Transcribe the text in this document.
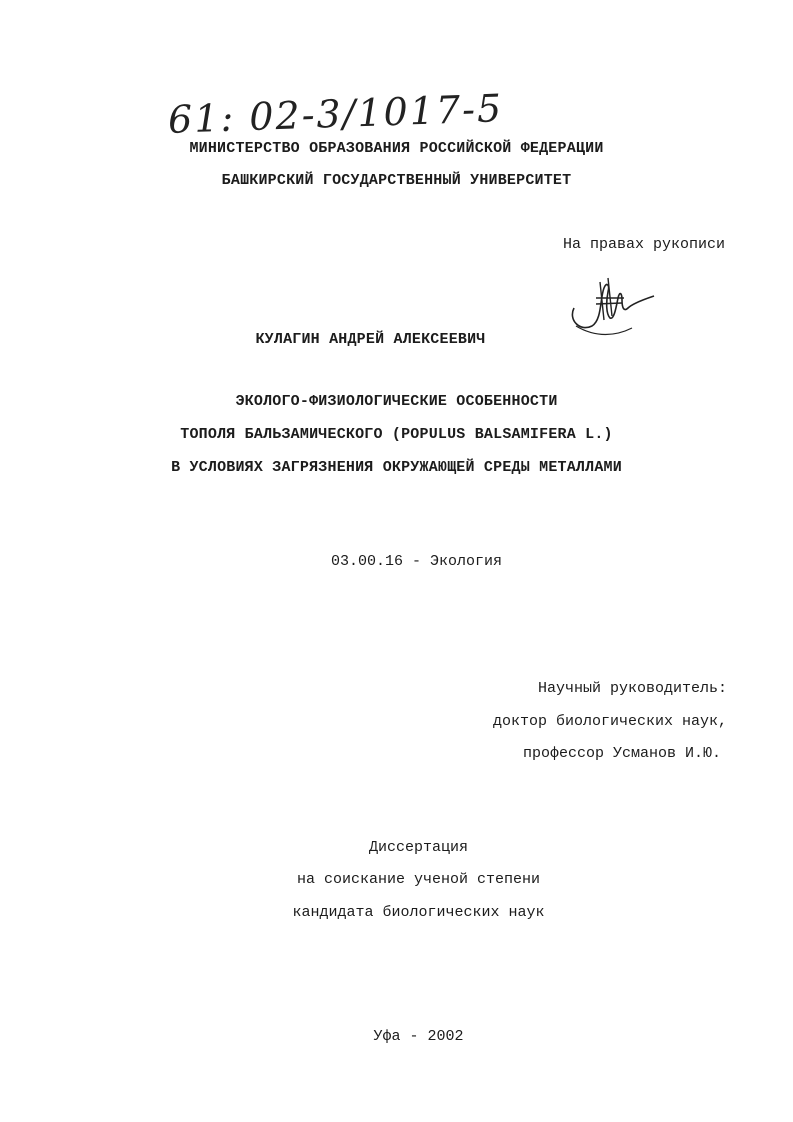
61: 02-3/1017-5
МИНИСТЕРСТВО ОБРАЗОВАНИЯ РОССИЙСКОЙ ФЕДЕРАЦИИ
БАШКИРСКИЙ ГОСУДАРСТВЕННЫЙ УНИВЕРСИТЕТ
На правах рукописи
КУЛАГИН АНДРЕЙ АЛЕКСЕЕВИЧ
ЭКОЛОГО-ФИЗИОЛОГИЧЕСКИЕ ОСОБЕННОСТИ
ТОПОЛЯ БАЛЬЗАМИЧЕСКОГО (POPULUS BALSAMIFERA L.)
В УСЛОВИЯХ ЗАГРЯЗНЕНИЯ ОКРУЖАЮЩЕЙ СРЕДЫ МЕТАЛЛАМИ
03.00.16 - Экология
Научный руководитель:
доктор биологических наук,
профессор Усманов И.Ю.
Диссертация
на соискание ученой степени
кандидата биологических наук
Уфа - 2002
